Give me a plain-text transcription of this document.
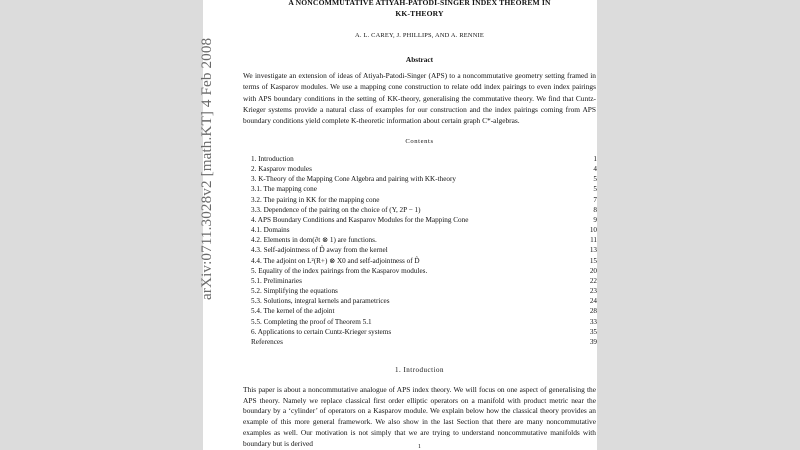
arXiv:0711.3028v2 [math.KT] 4 Feb 2008
A NONCOMMUTATIVE ATIYAH-PATODI-SINGER INDEX THEOREM IN
KK-THEORY
A. L. CAREY, J. PHILLIPS, AND A. RENNIE
Abstract
We investigate an extension of ideas of Atiyah-Patodi-Singer (APS) to a noncommutative geometry setting framed in terms of Kasparov modules. We use a mapping cone construction to relate odd index pairings to even index pairings with APS boundary conditions in the setting of KK-theory, generalising the commutative theory. We find that Cuntz-Krieger systems provide a natural class of examples for our construction and the index pairings coming from APS boundary conditions yield complete K-theoretic information about certain graph C*-algebras.
Contents
1. Introduction	1
2. Kasparov modules	4
3. K-Theory of the Mapping Cone Algebra and pairing with KK-theory	5
3.1. The mapping cone	5
3.2. The pairing in KK for the mapping cone	7
3.3. Dependence of the pairing on the choice of (Y, 2P − 1)	8
4. APS Boundary Conditions and Kasparov Modules for the Mapping Cone	9
4.1. Domains	10
4.2. Elements in dom(∂t ⊗ 1) are functions.	11
4.3. Self-adjointness of D̂ away from the kernel	13
4.4. The adjoint on L²(R+) ⊗ X0 and self-adjointness of D̂	15
5. Equality of the index pairings from the Kasparov modules.	20
5.1. Preliminaries	22
5.2. Simplifying the equations	23
5.3. Solutions, integral kernels and parametrices	24
5.4. The kernel of the adjoint	28
5.5. Completing the proof of Theorem 5.1	33
6. Applications to certain Cuntz-Krieger systems	35
References	39
1. Introduction
This paper is about a noncommutative analogue of APS index theory. We will focus on one aspect of generalising the APS theory. Namely we replace classical first order elliptic operators on a manifold with product metric near the boundary by a ‘cylinder’ of operators on a Kasparov module. We explain below how the classical theory provides an example of this more general framework. We also show in the last Section that there are many noncommutative examples as well. Our motivation is not simply that we are trying to understand noncommutative manifolds with boundary but is derived	1
